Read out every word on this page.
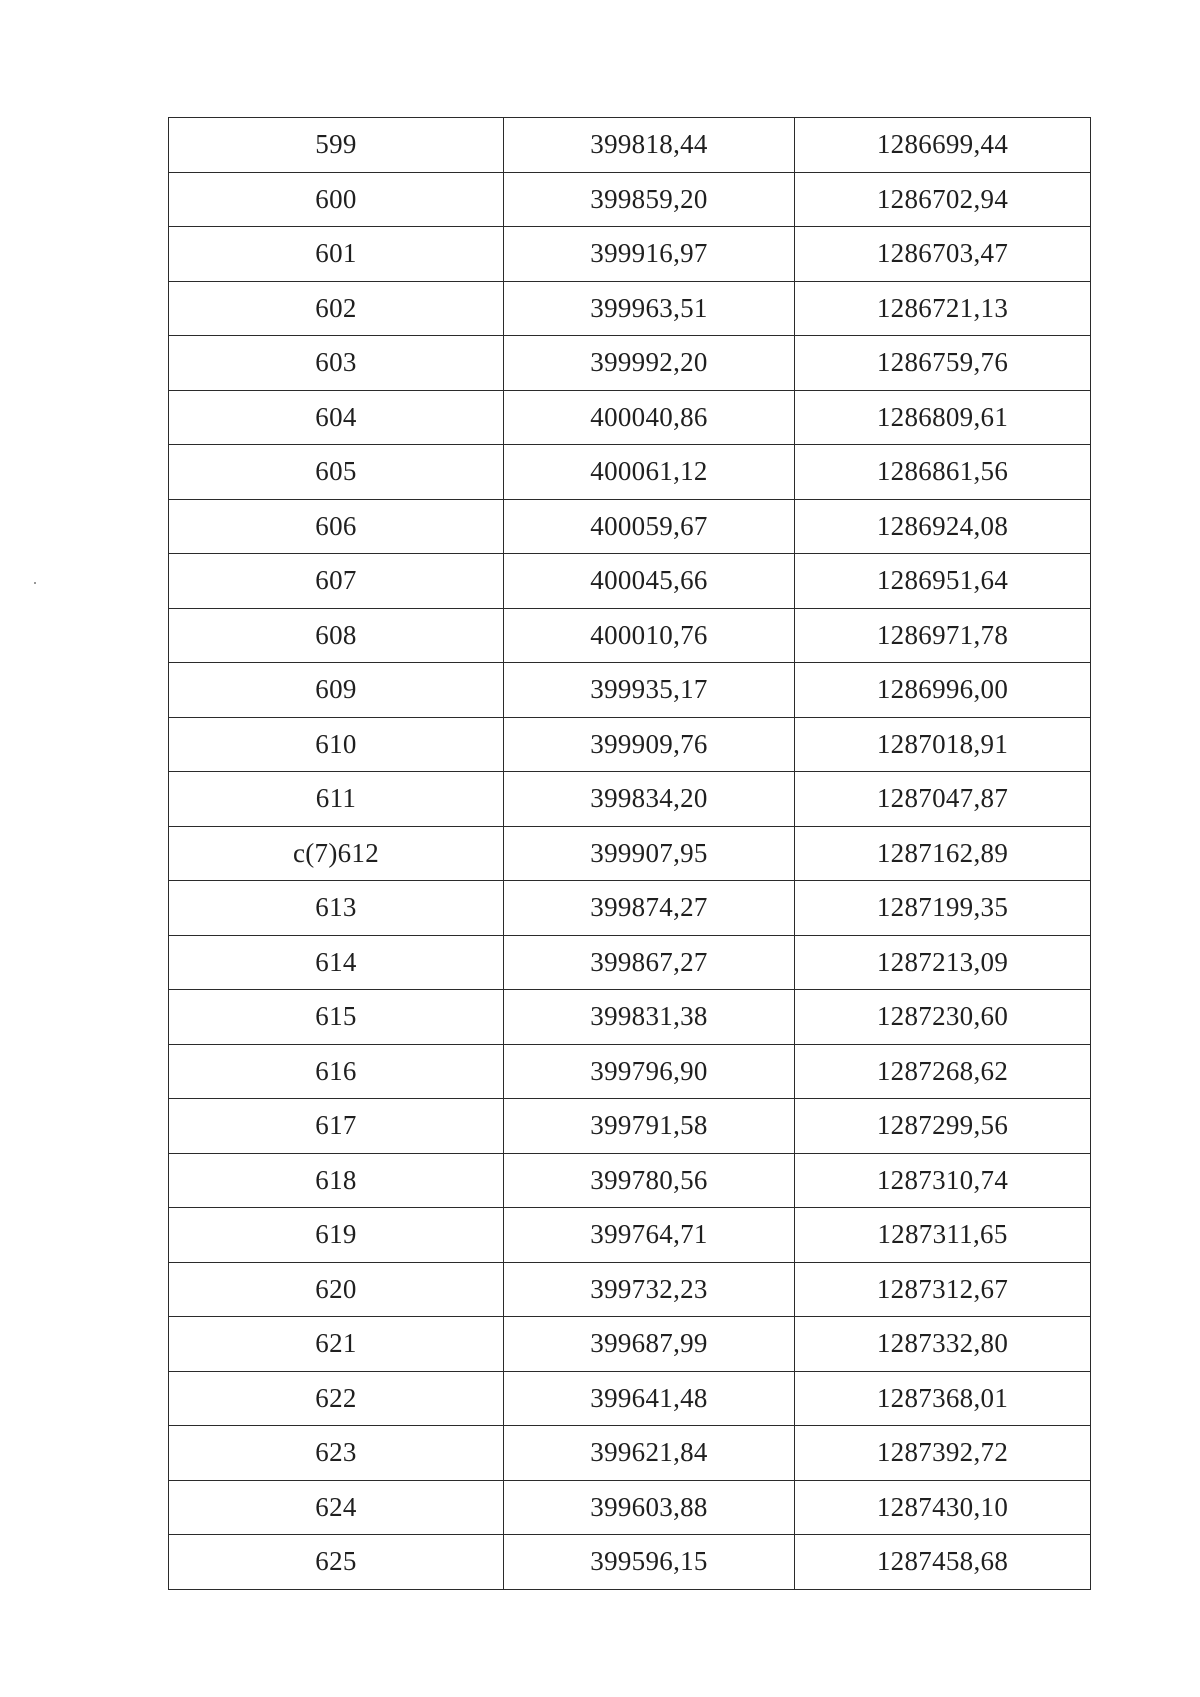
599	399818,44	1286699,44
600	399859,20	1286702,94
601	399916,97	1286703,47
602	399963,51	1286721,13
603	399992,20	1286759,76
604	400040,86	1286809,61
605	400061,12	1286861,56
606	400059,67	1286924,08
607	400045,66	1286951,64
608	400010,76	1286971,78
609	399935,17	1286996,00
610	399909,76	1287018,91
611	399834,20	1287047,87
c(7)612	399907,95	1287162,89
613	399874,27	1287199,35
614	399867,27	1287213,09
615	399831,38	1287230,60
616	399796,90	1287268,62
617	399791,58	1287299,56
618	399780,56	1287310,74
619	399764,71	1287311,65
620	399732,23	1287312,67
621	399687,99	1287332,80
622	399641,48	1287368,01
623	399621,84	1287392,72
624	399603,88	1287430,10
625	399596,15	1287458,68
